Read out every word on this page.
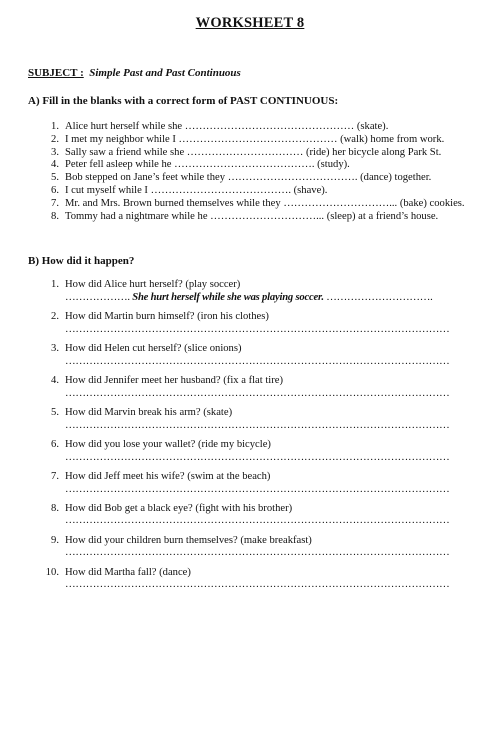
WORKSHEET 8
SUBJECT : Simple Past and Past Continuous
A) Fill in the blanks with a correct form of PAST CONTINUOUS:
1. Alice hurt herself while she ………………………………………… (skate).
2. I met my neighbor while I ……………………………………… (walk) home from work.
3. Sally saw a friend while she …………………………… (ride) her bicycle along Park St.
4. Peter fell asleep while he …………………………………. (study).
5. Bob stepped on Jane’s feet while they ………………………………. (dance) together.
6. I cut myself while I …………………………………. (shave).
7. Mr. and Mrs. Brown burned themselves while they …………………………... (bake) cookies.
8. Tommy had a nightmare while he …………………………... (sleep) at a friend’s house.
B) How did it happen?
1. How did Alice hurt herself? (play soccer)
………………. She hurt herself while she was playing soccer. ………………………….
2. How did Martin burn himself? (iron his clothes)
…………………………………………………………………………………………………
3. How did Helen cut herself? (slice onions)
…………………………………………………………………………………………………
4. How did Jennifer meet her husband? (fix a flat tire)
…………………………………………………………………………………………………
5. How did Marvin break his arm? (skate)
…………………………………………………………………………………………………
6. How did you lose your wallet? (ride my bicycle)
…………………………………………………………………………………………………
7. How did Jeff meet his wife? (swim at the beach)
…………………………………………………………………………………………………
8. How did Bob get a black eye? (fight with his brother)
…………………………………………………………………………………………………
9. How did your children burn themselves? (make breakfast)
…………………………………………………………………………………………………
10. How did Martha fall? (dance)
…………………………………………………………………………………………………
